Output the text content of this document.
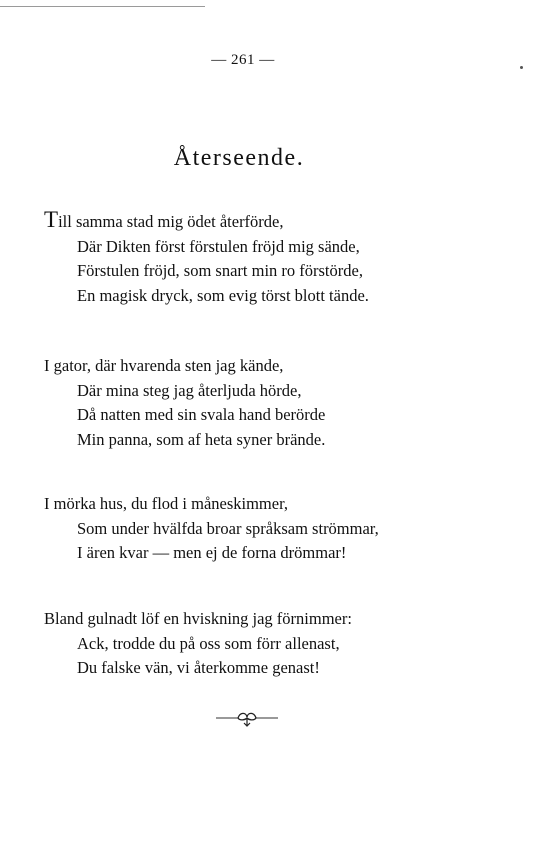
— 261 —
Återseende.
Till samma stad mig ödet återförde,
Där Dikten först förstulen fröjd mig sände,
Förstulen fröjd, som snart min ro förstörde,
En magisk dryck, som evig törst blott tände.
I gator, där hvarenda sten jag kände,
Där mina steg jag återljuda hörde,
Då natten med sin svala hand berörde
Min panna, som af heta syner brände.
I mörka hus, du flod i måneskimmer,
Som under hvälfda broar språksam strömmar,
I ären kvar — men ej de forna drömmar!
Bland gulnadt löf en hviskning jag förnimmer:
Ack, trodde du på oss som förr allenast,
Du falske vän, vi återkomme genast!
